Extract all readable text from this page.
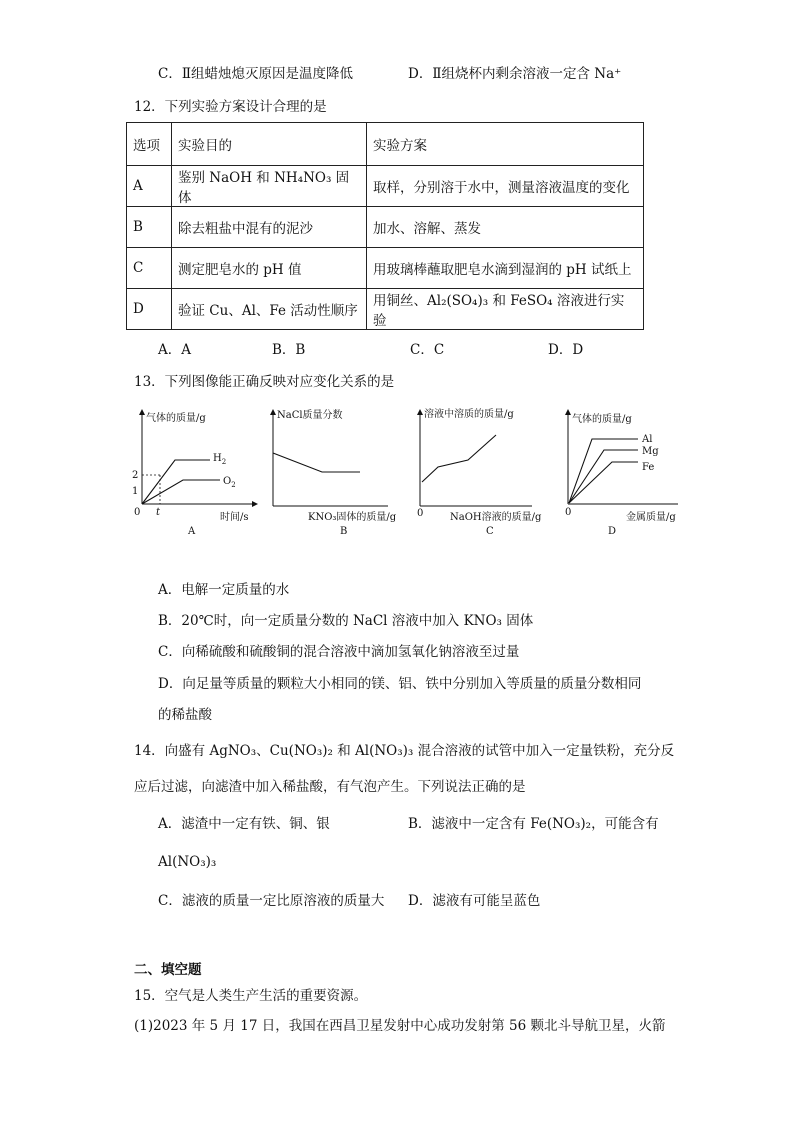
C．Ⅱ组蜡烛熄灭原因是温度降低	D．Ⅱ组烧杯内剩余溶液一定含 Na⁺
12．下列实验方案设计合理的是
选项	实验目的	实验方案
A	鉴别 NaOH 和 NH₄NO₃ 固体	取样，分别溶于水中，测量溶液温度的变化
B	除去粗盐中混有的泥沙	加水、溶解、蒸发
C	测定肥皂水的 pH 值	用玻璃棒蘸取肥皂水滴到湿润的 pH 试纸上
D	验证 Cu、Al、Fe 活动性顺序	用铜丝、Al₂(SO₄)₃ 和 FeSO₄ 溶液进行实验
A．A	B．B	C．C	D．D
13．下列图像能正确反映对应变化关系的是
气体的质量/g
时间/s
0 t
2
1
$H_2$
$O_2$
A
NaCl质量分数
KNO₃固体的质量/g
B
溶液中溶质的质量/g
NaOH溶液的质量/g
0
C
气体的质量/g
金属质量/g
0
Al
Mg
Fe
D
A．电解一定质量的水
B．20℃时，向一定质量分数的 NaCl 溶液中加入 KNO₃ 固体
C．向稀硫酸和硫酸铜的混合溶液中滴加氢氧化钠溶液至过量
D．向足量等质量的颗粒大小相同的镁、铝、铁中分别加入等质量的质量分数相同
的稀盐酸
14．向盛有 AgNO₃、Cu(NO₃)₂ 和 Al(NO₃)₃ 混合溶液的试管中加入一定量铁粉，充分反
应后过滤，向滤渣中加入稀盐酸，有气泡产生。下列说法正确的是
A．滤渣中一定有铁、铜、银	B．滤液中一定含有 Fe(NO₃)₂，可能含有
Al(NO₃)₃
C．滤液的质量一定比原溶液的质量大 D．滤液有可能呈蓝色
二、填空题
15．空气是人类生产生活的重要资源。
(1)2023 年 5 月 17 日，我国在西昌卫星发射中心成功发射第 56 颗北斗导航卫星，火箭
